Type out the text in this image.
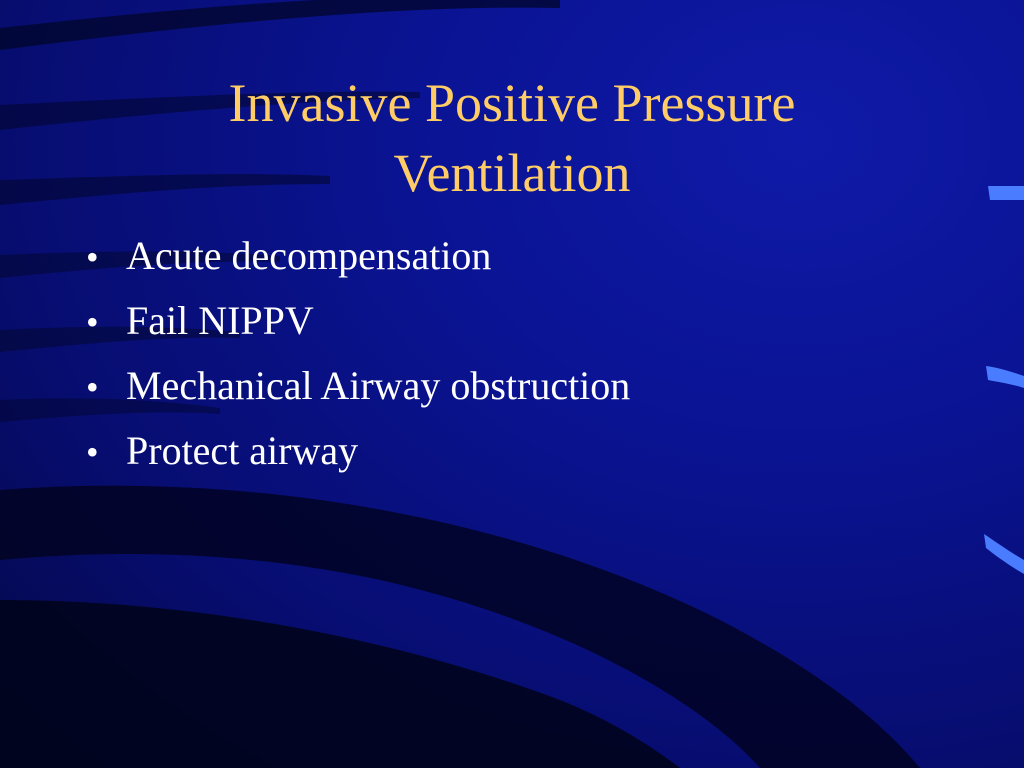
Invasive Positive Pressure
Ventilation
• Acute decompensation
• Fail NIPPV
• Mechanical Airway obstruction
• Protect airway
